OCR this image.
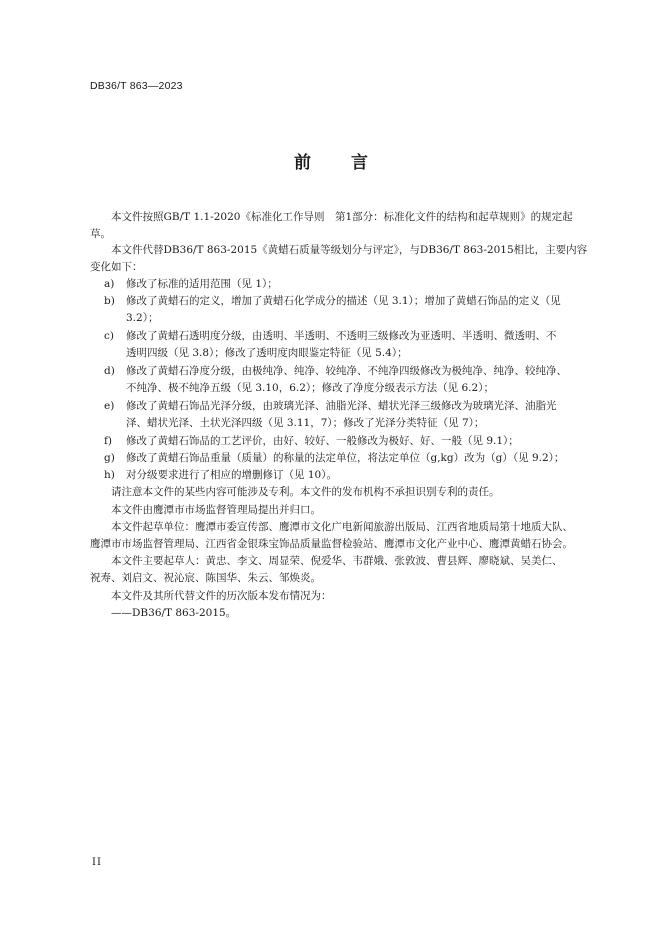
DB36/T 863—2023
前 言
本文件按照GB/T 1.1-2020《标准化工作导则　第1部分：标准化文件的结构和起草规则》的规定起
草。
本文件代替DB36/T 863-2015《黄蜡石质量等级划分与评定》，与DB36/T 863-2015相比，主要内容
变化如下：
a) 修改了标准的适用范围（见 1）；
b) 修改了黄蜡石的定义，增加了黄蜡石化学成分的描述（见 3.1）；增加了黄蜡石饰品的定义（见
3.2）；
c) 修改了黄蜡石透明度分级，由透明、半透明、不透明三级修改为亚透明、半透明、微透明、不
透明四级（见 3.8）；修改了透明度肉眼鉴定特征（见 5.4）；
d) 修改了黄蜡石净度分级，由极纯净、纯净、较纯净、不纯净四级修改为极纯净、纯净、较纯净、
不纯净、极不纯净五级（见 3.10，6.2）；修改了净度分级表示方法（见 6.2）；
e) 修改了黄蜡石饰品光泽分级，由玻璃光泽、油脂光泽、蜡状光泽三级修改为玻璃光泽、油脂光
泽、蜡状光泽、土状光泽四级（见 3.11，7）；修改了光泽分类特征（见 7）；
f) 修改了黄蜡石饰品的工艺评价，由好、较好、一般修改为极好、好、一般（见 9.1）；
g) 修改了黄蜡石饰品重量（质量）的称量的法定单位，将法定单位（g,kg）改为（g）（见 9.2）；
h) 对分级要求进行了相应的增删修订（见 10）。
请注意本文件的某些内容可能涉及专利。本文件的发布机构不承担识别专利的责任。
本文件由鹰潭市市场监督管理局提出并归口。
本文件起草单位：鹰潭市委宣传部、鹰潭市文化广电新闻旅游出版局、江西省地质局第十地质大队、
鹰潭市市场监督管理局、江西省金银珠宝饰品质量监督检验站、鹰潭市文化产业中心、鹰潭黄蜡石协会。
本文件主要起草人：黄忠、李文、周显荣、倪爱华、韦群娥、张敦波、曹县辉、廖晓斌、吴美仁、
祝寿、刘启文、祝沁宸、陈国华、朱云、邹焕炎。
本文件及其所代替文件的历次版本发布情况为：
——DB36/T 863-2015。
II
